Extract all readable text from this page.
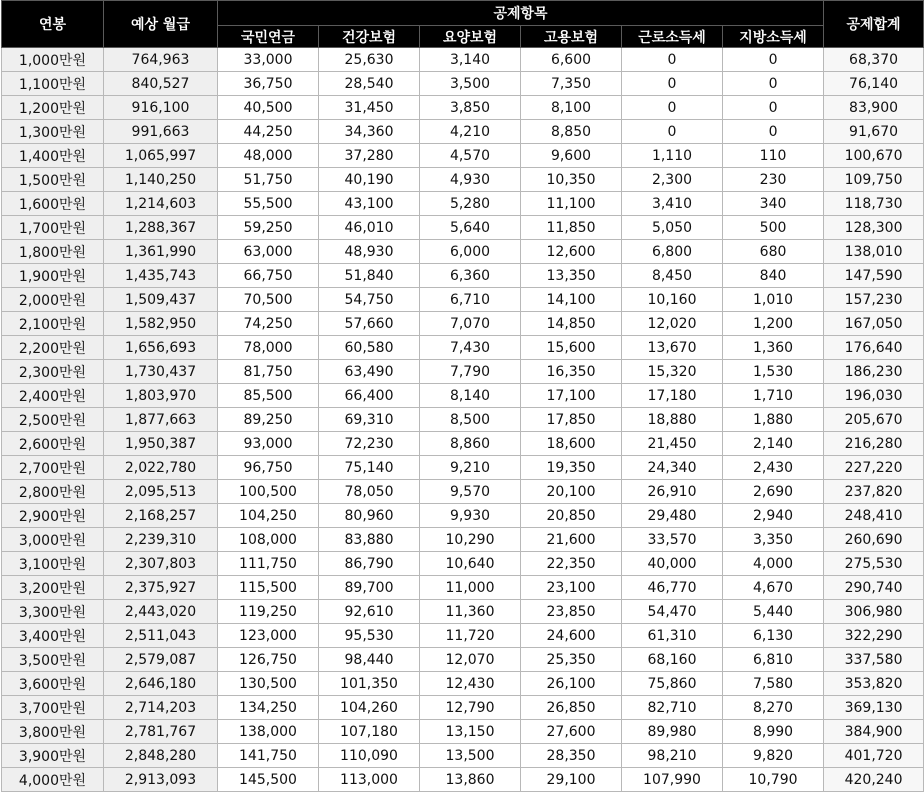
연봉	예상 월급	공제항목						공제합계
		국민연금	건강보험	요양보험	고용보험	근로소득세	지방소득세	
1,000만원	764,963	33,000	25,630	3,140	6,600	0	0	68,370
1,100만원	840,527	36,750	28,540	3,500	7,350	0	0	76,140
1,200만원	916,100	40,500	31,450	3,850	8,100	0	0	83,900
1,300만원	991,663	44,250	34,360	4,210	8,850	0	0	91,670
1,400만원	1,065,997	48,000	37,280	4,570	9,600	1,110	110	100,670
1,500만원	1,140,250	51,750	40,190	4,930	10,350	2,300	230	109,750
1,600만원	1,214,603	55,500	43,100	5,280	11,100	3,410	340	118,730
1,700만원	1,288,367	59,250	46,010	5,640	11,850	5,050	500	128,300
1,800만원	1,361,990	63,000	48,930	6,000	12,600	6,800	680	138,010
1,900만원	1,435,743	66,750	51,840	6,360	13,350	8,450	840	147,590
2,000만원	1,509,437	70,500	54,750	6,710	14,100	10,160	1,010	157,230
2,100만원	1,582,950	74,250	57,660	7,070	14,850	12,020	1,200	167,050
2,200만원	1,656,693	78,000	60,580	7,430	15,600	13,670	1,360	176,640
2,300만원	1,730,437	81,750	63,490	7,790	16,350	15,320	1,530	186,230
2,400만원	1,803,970	85,500	66,400	8,140	17,100	17,180	1,710	196,030
2,500만원	1,877,663	89,250	69,310	8,500	17,850	18,880	1,880	205,670
2,600만원	1,950,387	93,000	72,230	8,860	18,600	21,450	2,140	216,280
2,700만원	2,022,780	96,750	75,140	9,210	19,350	24,340	2,430	227,220
2,800만원	2,095,513	100,500	78,050	9,570	20,100	26,910	2,690	237,820
2,900만원	2,168,257	104,250	80,960	9,930	20,850	29,480	2,940	248,410
3,000만원	2,239,310	108,000	83,880	10,290	21,600	33,570	3,350	260,690
3,100만원	2,307,803	111,750	86,790	10,640	22,350	40,000	4,000	275,530
3,200만원	2,375,927	115,500	89,700	11,000	23,100	46,770	4,670	290,740
3,300만원	2,443,020	119,250	92,610	11,360	23,850	54,470	5,440	306,980
3,400만원	2,511,043	123,000	95,530	11,720	24,600	61,310	6,130	322,290
3,500만원	2,579,087	126,750	98,440	12,070	25,350	68,160	6,810	337,580
3,600만원	2,646,180	130,500	101,350	12,430	26,100	75,860	7,580	353,820
3,700만원	2,714,203	134,250	104,260	12,790	26,850	82,710	8,270	369,130
3,800만원	2,781,767	138,000	107,180	13,150	27,600	89,980	8,990	384,900
3,900만원	2,848,280	141,750	110,090	13,500	28,350	98,210	9,820	401,720
4,000만원	2,913,093	145,500	113,000	13,860	29,100	107,990	10,790	420,240
